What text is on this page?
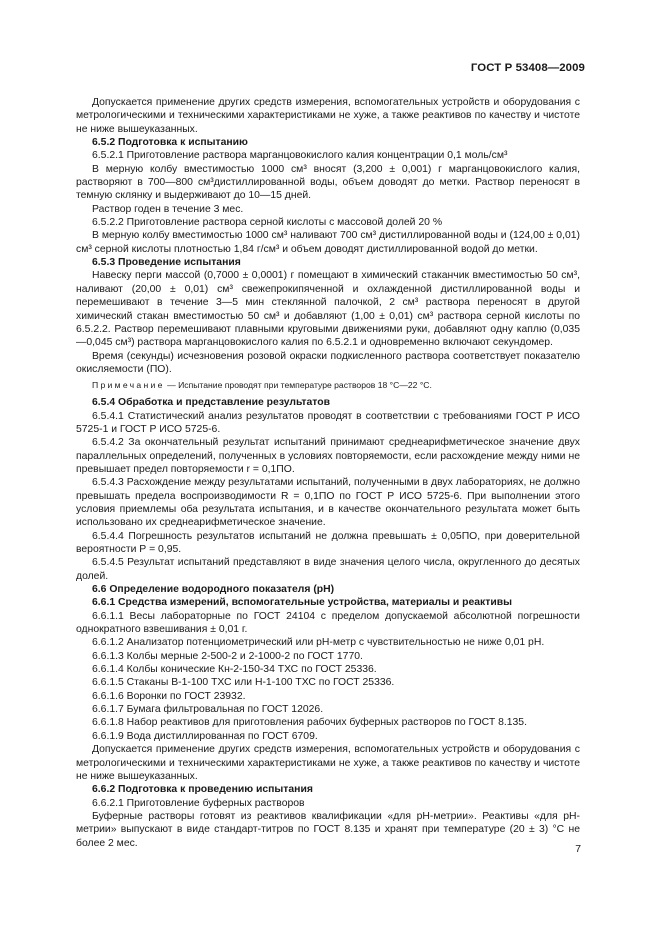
ГОСТ Р 53408—2009

Допускается применение других средств измерения, вспомогательных устройств и оборудования с метрологическими и техническими характеристиками не хуже, а также реактивов по качеству и чистоте не ниже вышеуказанных.

6.5.2 Подготовка к испытанию

6.5.2.1 Приготовление раствора марганцовокислого калия концентрации 0,1 моль/см³

В мерную колбу вместимостью 1000 см³ вносят (3,200 ± 0,001) г марганцовокислого калия, растворяют в 700—800 см³дистиллированной воды, объем доводят до метки. Раствор переносят в темную склянку и выдерживают до 10—15 дней.

Раствор годен в течение 3 мес.

6.5.2.2 Приготовление раствора серной кислоты с массовой долей 20 %

В мерную колбу вместимостью 1000 см³ наливают 700 см³ дистиллированной воды и (124,00 ± 0,01) см³ серной кислоты плотностью 1,84 г/см³ и объем доводят дистиллированной водой до метки.

6.5.3 Проведение испытания

Навеску перги массой (0,7000 ± 0,0001) г помещают в химический стаканчик вместимостью 50 см³, наливают (20,00 ± 0,01) см³ свежепрокипяченной и охлажденной дистиллированной воды и перемешивают в течение 3—5 мин стеклянной палочкой, 2 см³ раствора переносят в другой химический стакан вместимостью 50 см³ и добавляют (1,00 ± 0,01) см³ раствора серной кислоты по 6.5.2.2. Раствор перемешивают плавными круговыми движениями руки, добавляют одну каплю (0,035—0,045 см³) раствора марганцовокислого калия по 6.5.2.1 и одновременно включают секундомер.

Время (секунды) исчезновения розовой окраски подкисленного раствора соответствует показателю окисляемости (ПО).

Примечание — Испытание проводят при температуре растворов 18 °С—22 °С.

6.5.4 Обработка и представление результатов

6.5.4.1 Статистический анализ результатов проводят в соответствии с требованиями ГОСТ Р ИСО 5725-1 и ГОСТ Р ИСО 5725-6.

6.5.4.2 За окончательный результат испытаний принимают среднеарифметическое значение двух параллельных определений, полученных в условиях повторяемости, если расхождение между ними не превышает предел повторяемости r = 0,1ПО.

6.5.4.3 Расхождение между результатами испытаний, полученными в двух лабораториях, не должно превышать предела воспроизводимости R = 0,1ПО по ГОСТ Р ИСО 5725-6. При выполнении этого условия приемлемы оба результата испытания, и в качестве окончательного результата может быть использовано их среднеарифметическое значение.

6.5.4.4 Погрешность результатов испытаний не должна превышать ± 0,05ПО, при доверительной вероятности Р = 0,95.

6.5.4.5 Результат испытаний представляют в виде значения целого числа, округленного до десятых долей.

6.6 Определение водородного показателя (рН)

6.6.1 Средства измерений, вспомогательные устройства, материалы и реактивы

6.6.1.1 Весы лабораторные по ГОСТ 24104 с пределом допускаемой абсолютной погрешности однократного взвешивания ± 0,01 г.

6.6.1.2 Анализатор потенциометрический или рН-метр с чувствительностью не ниже 0,01 рН.

6.6.1.3 Колбы мерные 2-500-2 и 2-1000-2 по ГОСТ 1770.

6.6.1.4 Колбы конические Кн-2-150-34 ТХС по ГОСТ 25336.

6.6.1.5 Стаканы В-1-100 ТХС или Н-1-100 ТХС по ГОСТ 25336.

6.6.1.6 Воронки по ГОСТ 23932.

6.6.1.7 Бумага фильтровальная по ГОСТ 12026.

6.6.1.8 Набор реактивов для приготовления рабочих буферных растворов по ГОСТ 8.135.

6.6.1.9 Вода дистиллированная по ГОСТ 6709.

Допускается применение других средств измерения, вспомогательных устройств и оборудования с метрологическими и техническими характеристиками не хуже, а также реактивов по качеству и чистоте не ниже вышеуказанных.

6.6.2 Подготовка к проведению испытания

6.6.2.1 Приготовление буферных растворов

Буферные растворы готовят из реактивов квалификации «для рН-метрии». Реактивы «для рН-метрии» выпускают в виде стандарт-титров по ГОСТ 8.135 и хранят при температуре (20 ± 3) °С не более 2 мес.

7
